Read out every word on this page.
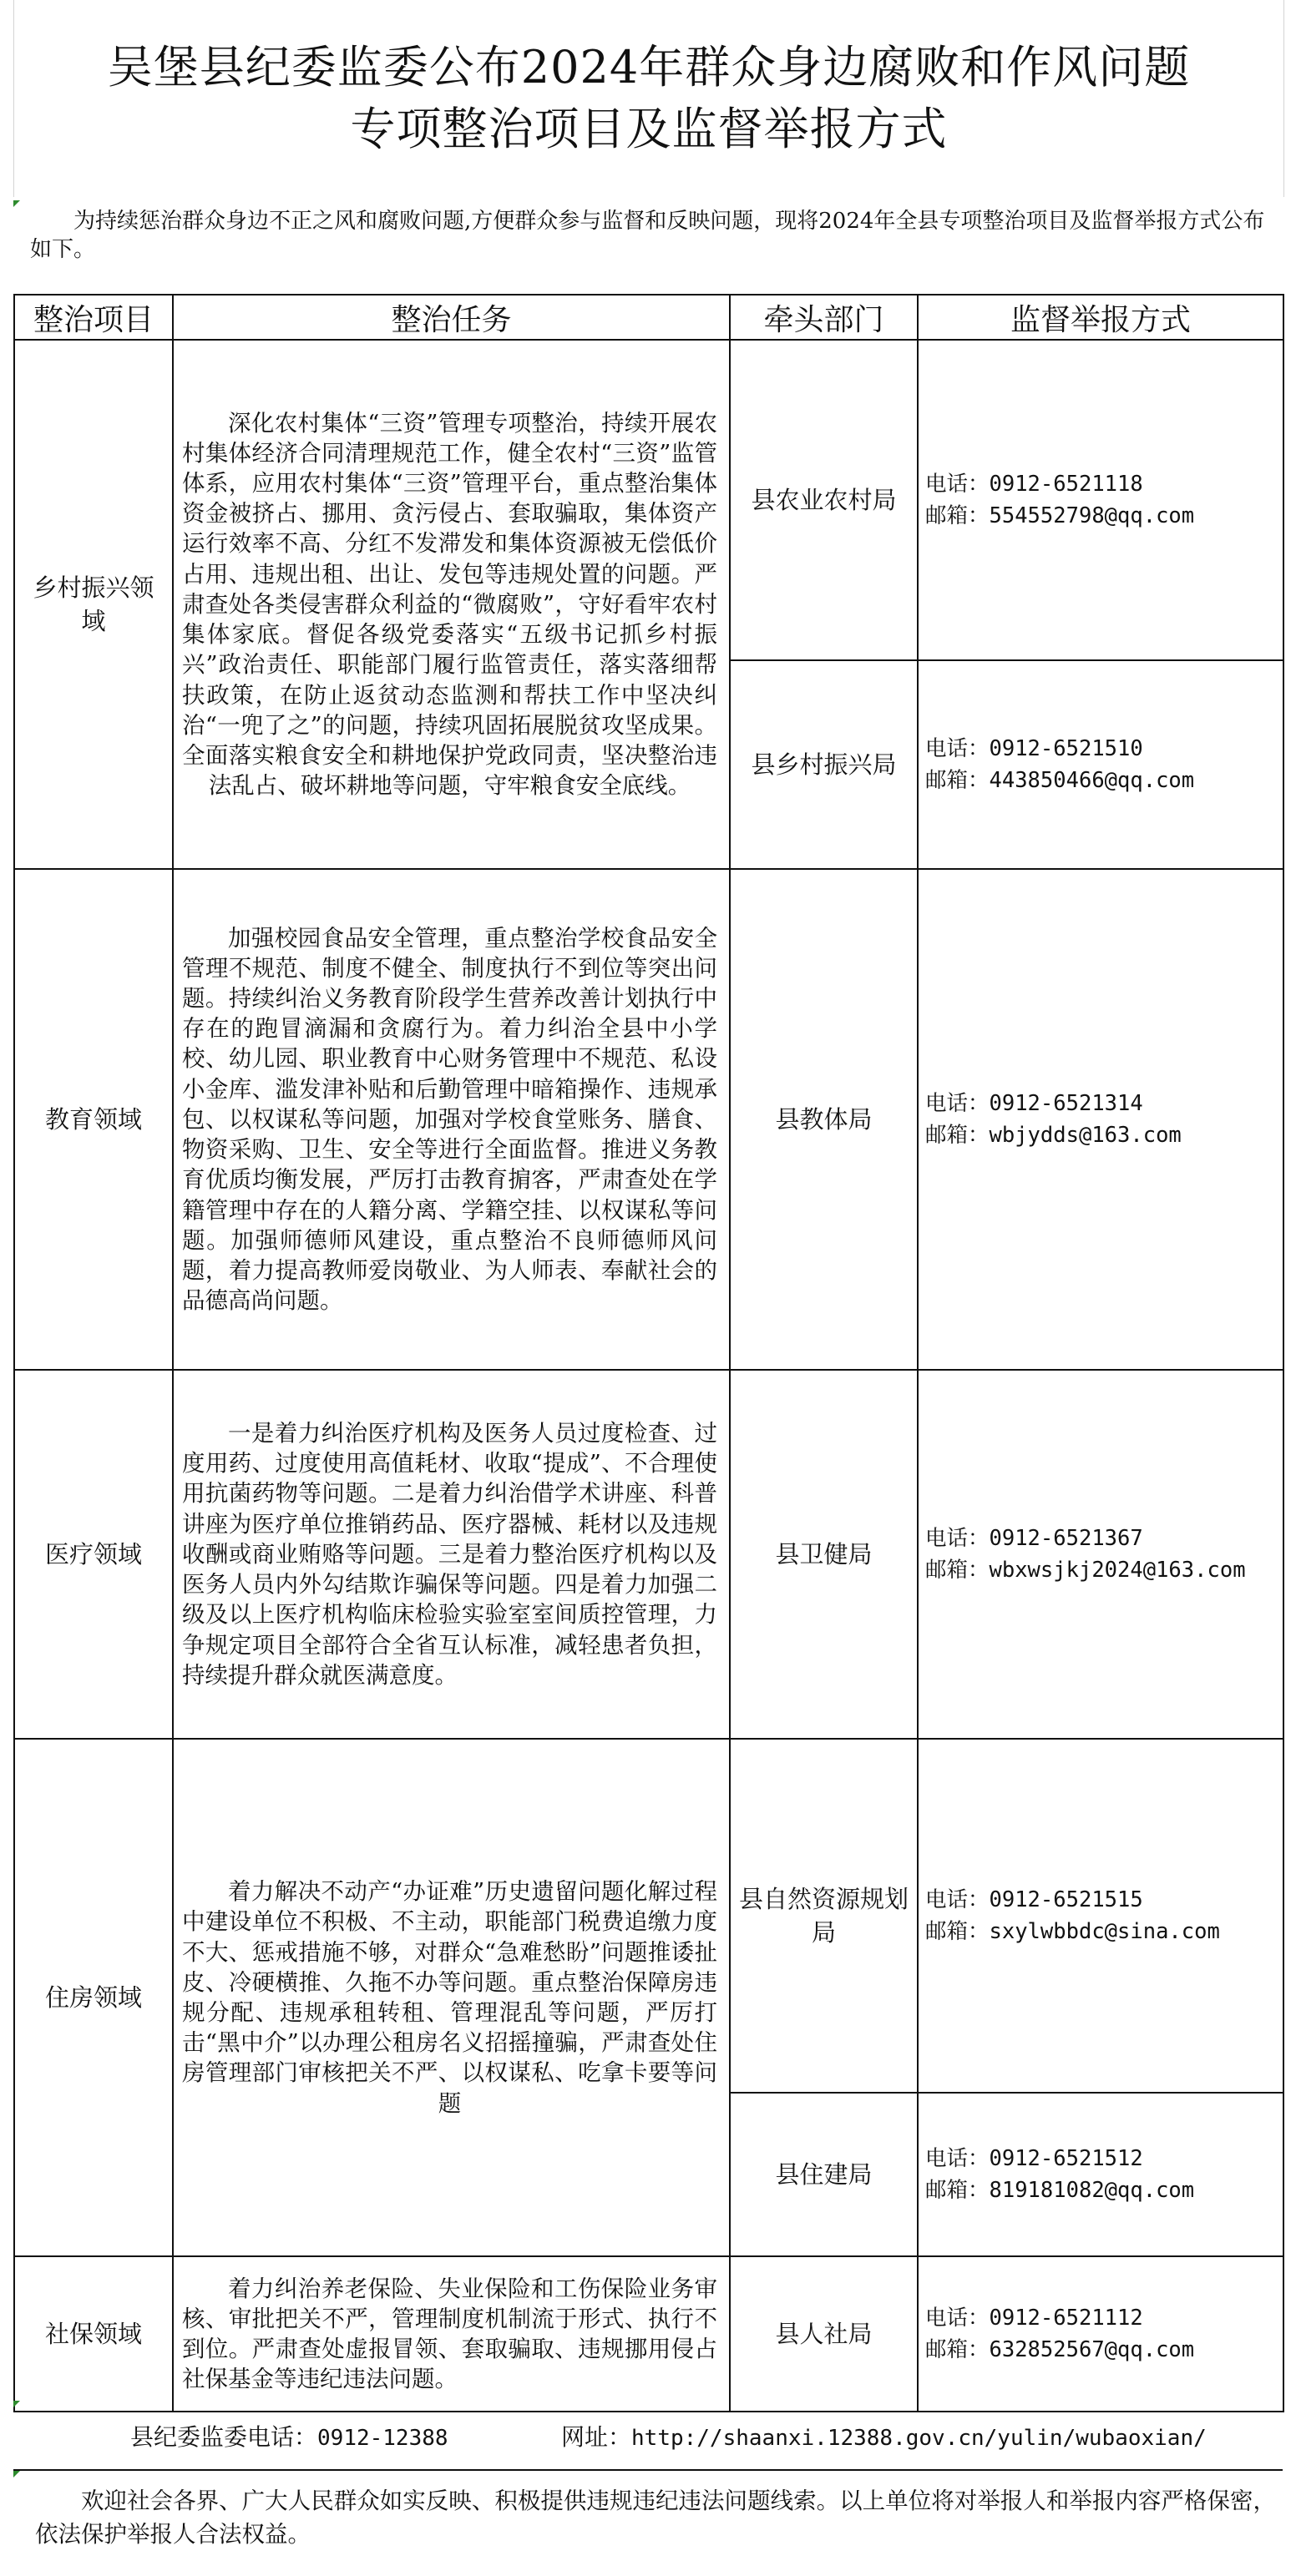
吴堡县纪委监委公布2024年群众身边腐败和作风问题
专项整治项目及监督举报方式
为持续惩治群众身边不正之风和腐败问题,方便群众参与监督和反映问题，现将2024年全县专项整治项目及监督举报方式公布如下。
整治项目	整治任务	牵头部门	监督举报方式
乡村振兴领域	深化农村集体“三资”管理专项整治，持续开展农村集体经济合同清理规范工作，健全农村“三资”监管体系，应用农村集体“三资”管理平台，重点整治集体资金被挤占、挪用、贪污侵占、套取骗取，集体资产运行效率不高、分红不发滞发和集体资源被无偿低价占用、违规出租、出让、发包等违规处置的问题。严肃查处各类侵害群众利益的“微腐败”，守好看牢农村集体家底。督促各级党委落实“五级书记抓乡村振兴”政治责任、职能部门履行监管责任，落实落细帮扶政策，在防止返贫动态监测和帮扶工作中坚决纠治“一兜了之”的问题，持续巩固拓展脱贫攻坚成果。全面落实粮食安全和耕地保护党政同责，坚决整治违法乱占、破坏耕地等问题，守牢粮食安全底线。	县农业农村局	电话：0912-6521118
邮箱：554552798@qq.com

		县乡村振兴局	电话：0912-6521510
邮箱：443850466@qq.com

教育领域	加强校园食品安全管理，重点整治学校食品安全管理不规范、制度不健全、制度执行不到位等突出问题。持续纠治义务教育阶段学生营养改善计划执行中存在的跑冒滴漏和贪腐行为。着力纠治全县中小学校、幼儿园、职业教育中心财务管理中不规范、私设小金库、滥发津补贴和后勤管理中暗箱操作、违规承包、以权谋私等问题，加强对学校食堂账务、膳食、物资采购、卫生、安全等进行全面监督。推进义务教育优质均衡发展，严厉打击教育掮客，严肃查处在学籍管理中存在的人籍分离、学籍空挂、以权谋私等问题。加强师德师风建设，重点整治不良师德师风问题，着力提高教师爱岗敬业、为人师表、奉献社会的品德高尚问题。	县教体局	电话：0912-6521314
邮箱：wbjydds@163.com

医疗领域	一是着力纠治医疗机构及医务人员过度检查、过度用药、过度使用高值耗材、收取“提成”、不合理使用抗菌药物等问题。二是着力纠治借学术讲座、科普讲座为医疗单位推销药品、医疗器械、耗材以及违规收酬或商业贿赂等问题。三是着力整治医疗机构以及医务人员内外勾结欺诈骗保等问题。四是着力加强二级及以上医疗机构临床检验实验室室间质控管理，力争规定项目全部符合全省互认标准，减轻患者负担，持续提升群众就医满意度。	县卫健局	电话：0912-6521367
邮箱：wbxwsjkj2024@163.com

住房领域	着力解决不动产“办证难”历史遗留问题化解过程中建设单位不积极、不主动，职能部门税费追缴力度不大、惩戒措施不够，对群众“急难愁盼”问题推诿扯皮、冷硬横推、久拖不办等问题。重点整治保障房违规分配、违规承租转租、管理混乱等问题，严厉打击“黑中介”以办理公租房名义招摇撞骗，严肃查处住房管理部门审核把关不严、以权谋私、吃拿卡要等问题	县自然资源规划局	电话：0912-6521515
邮箱：sxylwbbdc@sina.com

		县住建局	电话：0912-6521512
邮箱：819181082@qq.com

社保领域	着力纠治养老保险、失业保险和工伤保险业务审核、审批把关不严，管理制度机制流于形式、执行不到位。严肃查处虚报冒领、套取骗取、违规挪用侵占社保基金等违纪违法问题。	县人社局	电话：0912-6521112
邮箱：632852567@qq.com
县纪委监委电话：0912-12388	网址：http://shaanxi.12388.gov.cn/yulin/wubaoxian/
欢迎社会各界、广大人民群众如实反映、积极提供违规违纪违法问题线索。以上单位将对举报人和举报内容严格保密，依法保护举报人合法权益。
